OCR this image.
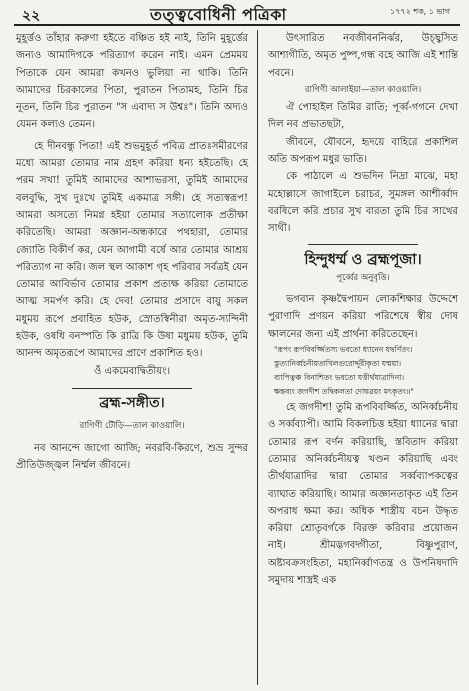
২২	তত্ত্ববোধিনী পত্রিকা	১৭৭২ শক, ১ ভাগ

মুহূর্ত্তও তাঁহার করুণা হইতে বঞ্চিত হই নাই, তিনি মুহূর্ত্তের জন্যও আমাদিগকে পরিত্যাগ করেন নাই। এমন প্রেমময় পিতাকে যেন আমরা কখনও ভুলিয়া না থাকি। তিনি আমাদের চিরকালের পিতা, পুরাতন পিতামহ, তিনি চির নূতন, তিনি চির পুরাতন "স এবাদ্য স উশ্বঃ"। তিনি অদ্যও যেমন কল্যও তেমন।

হে দীনবন্ধু পিতা! এই শুভমুহূর্ত পবিত্র প্রাতঃসমীরণের মধ্যে আমরা তোমার নাম গ্রহণ করিয়া ধন্য হইতেছি। হে পরম সখা! তুমিই আমাদের আশাভরসা, তুমিই আমাদের বলবুদ্ধি, সুখ দুঃখে তুমিই একমাত্র সঙ্গী। হে সত্যস্বরূপ! আমরা অসত্যে নিমগ্ন হইয়া তোমার সত্যালোক প্রতীক্ষা করিতেছি। আমরা অজ্ঞান-অন্ধকারে পথহারা, তোমার জ্যোতি বিকীর্ণ কর, যেন আগামী বর্ষে আর তোমার আশ্রয় পরিত্যাগ না করি। জল স্থল আকাশ গৃহ পরিবার সর্বত্রই যেন তোমার আবির্ভাব তোমার প্রকাশ প্রত্যক্ষ করিয়া তোমাতে আত্ম সমর্পণ করি। হে দেব! তোমার প্রসাদে বায়ু সকল মধুময় রূপে প্রবাহিত হউক, স্রোতস্বিনীরা অমৃত-স্যন্দিনী হউক, ওষধি বনস্পতি কি রাত্রি কি উষা মধুময় হউক, তুমি আনন্দ অমৃতরূপে আমাদের প্রাণে প্রকাশিত হও।

ওঁ একমেবাদ্বিতীয়ং।

ব্রহ্ম-সঙ্গীত।

রাগিণী টৌড়ি—তাল কাওয়ালি।

নব আনন্দে জাগো আজি; নবরবি-কিরণে, শুভ্র সুন্দর প্রীতিউজ্জ্বল নির্ম্মল জীবনে।

উৎসারিত নবজীবননির্ঝর, উচ্ছ্বসিত আশাগীতি, অমৃত পুষ্প,গন্ধ বহে আজি এই শান্তি পবনে।

রাগিণী আলাইয়া—তাল কাওয়ালি।

ঐ পোহাইল তিমির রাতি; পূর্ব্ব-গগনে দেখা দিল নব প্রভাতছটা,

জীবনে, যৌবনে, হৃদয়ে বাহিরে প্রকাশিল অতি অপরূপ মধুর ভাতি।

কে পাঠালে এ শুভদিন নিদ্রা মাঝে, মহা মহোল্লাসে জাগাইলে চরাচর, সুমঙ্গল আশীর্ব্বাদ বরষিলে করি প্রচার সুখ বারতা তুমি চির সাথের সাথী।

হিন্দুধর্ম্ম ও ব্রহ্মপূজা।

পূর্ব্বের অনুবৃত্তি।

ভগবান কৃষ্ণদ্বৈপায়ন লোকশিক্ষার উদ্দেশে পুরাণাদি প্রণয়ন করিয়া পরিশেষে স্বীয় দোষ ক্ষালনের জন্য এই প্রার্থনা করিতেছেন।

"রূপং রূপবিবর্জ্জিতস্য ভবতো ধ্যানেন যদ্বর্ণিতং।

স্তুত্যানির্ব্বচনীয়তাখিলগুরোর্দ্দূরীকৃতা যন্ময়া।

ব্যাপিত্বঞ্চ বিনাশিতং ভবতো যত্তীর্থযাত্রাদিনা।

ক্ষন্তব্যং জগদীশ তদ্বিকলতা দোষত্রয়ং মৎকৃতং॥"

হে জগদীশ! তুমি রূপবিবর্জ্জিত, অনির্ব্বচনীয় ও সর্ব্বব্যাপী। আমি বিকলচিত্ত হইয়া ধ্যানের দ্বারা তোমার রূপ বর্ণন করিয়াছি, স্তবিতাদ করিয়া তোমার অনির্ব্বচনীয়ত্ব খণ্ডন করিয়াছি এবং তীর্থযাত্রাদির দ্বারা তোমার সর্ব্বব্যাপকত্বের ব্যাঘাত করিয়াছি। আমার অজ্ঞানতাকৃত এই তিন অপরাধ ক্ষমা কর। অধিক শাস্ত্রীয় বচন উদ্ধৃত করিয়া শ্রোতৃবর্গকে বিরক্ত করিবার প্রয়োজন নাই। শ্রীমদ্ভগবদ্গীতা, বিষ্ণুপুরাণ, অষ্টাবক্রসংহিতা, মহানির্ব্বাণতন্ত্র ও উপনিষদাদি সমুদায় শাস্ত্রই এক
